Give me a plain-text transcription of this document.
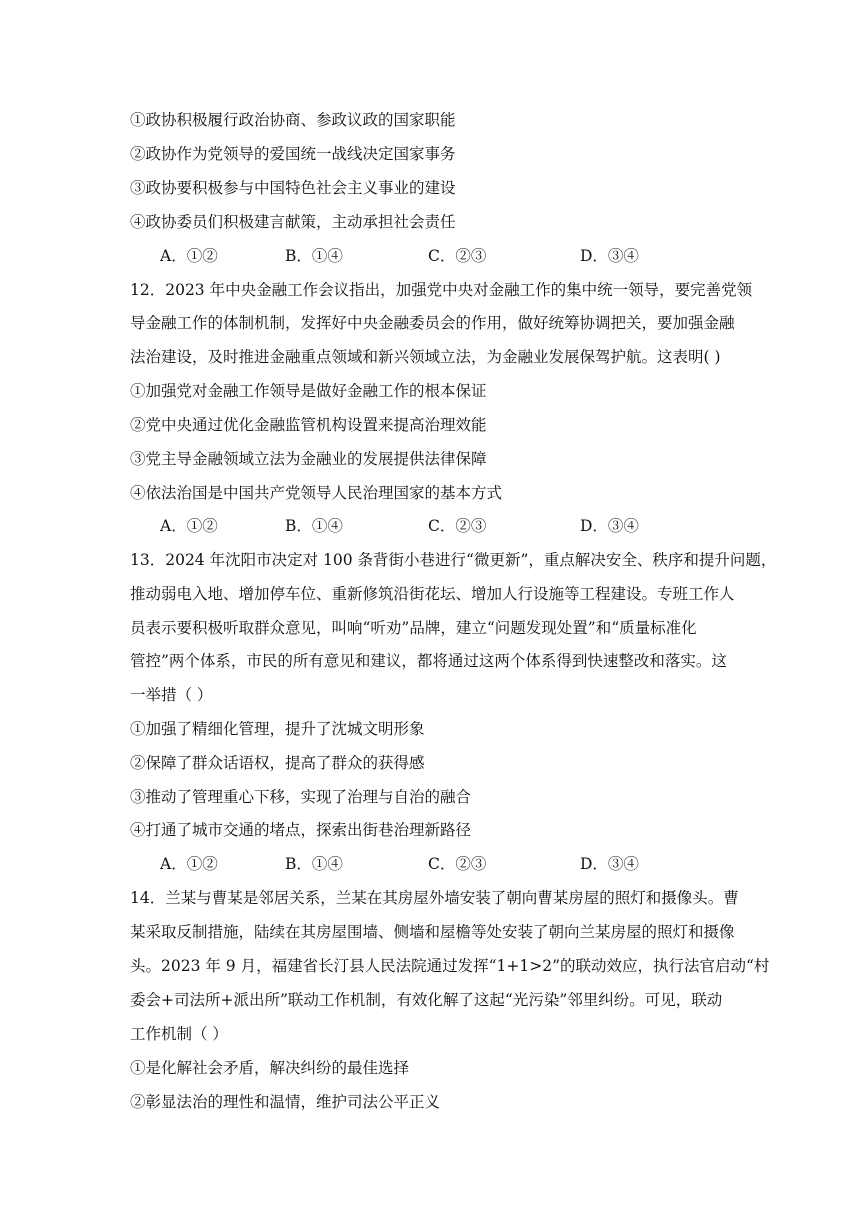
①政协积极履行政治协商、参政议政的国家职能
②政协作为党领导的爱国统一战线决定国家事务
③政协要积极参与中国特色社会主义事业的建设
④政协委员们积极建言献策，主动承担社会责任
A．①②	B．①④	C．②③	D．③④
12．2023 年中央金融工作会议指出，加强党中央对金融工作的集中统一领导，要完善党领
导金融工作的体制机制，发挥好中央金融委员会的作用，做好统筹协调把关，要加强金融
法治建设，及时推进金融重点领域和新兴领域立法，为金融业发展保驾护航。这表明( )
①加强党对金融工作领导是做好金融工作的根本保证
②党中央通过优化金融监管机构设置来提高治理效能
③党主导金融领域立法为金融业的发展提供法律保障
④依法治国是中国共产党领导人民治理国家的基本方式
A．①②	B．①④	C．②③	D．③④
13．2024 年沈阳市决定对 100 条背街小巷进行“微更新”，重点解决安全、秩序和提升问题，
推动弱电入地、增加停车位、重新修筑沿街花坛、增加人行设施等工程建设。专班工作人
员表示要积极听取群众意见，叫响“听劝”品牌，建立“问题发现处置”和“质量标准化
管控”两个体系，市民的所有意见和建议，都将通过这两个体系得到快速整改和落实。这
一举措（ ）
①加强了精细化管理，提升了沈城文明形象
②保障了群众话语权，提高了群众的获得感
③推动了管理重心下移，实现了治理与自治的融合
④打通了城市交通的堵点，探索出街巷治理新路径
A．①②	B．①④	C．②③	D．③④
14．兰某与曹某是邻居关系，兰某在其房屋外墙安装了朝向曹某房屋的照灯和摄像头。曹
某采取反制措施，陆续在其房屋围墙、侧墙和屋檐等处安装了朝向兰某房屋的照灯和摄像
头。2023 年 9 月，福建省长汀县人民法院通过发挥“1+1>2”的联动效应，执行法官启动“村
委会+司法所+派出所”联动工作机制，有效化解了这起“光污染”邻里纠纷。可见，联动
工作机制（ ）
①是化解社会矛盾，解决纠纷的最佳选择
②彰显法治的理性和温情，维护司法公平正义
